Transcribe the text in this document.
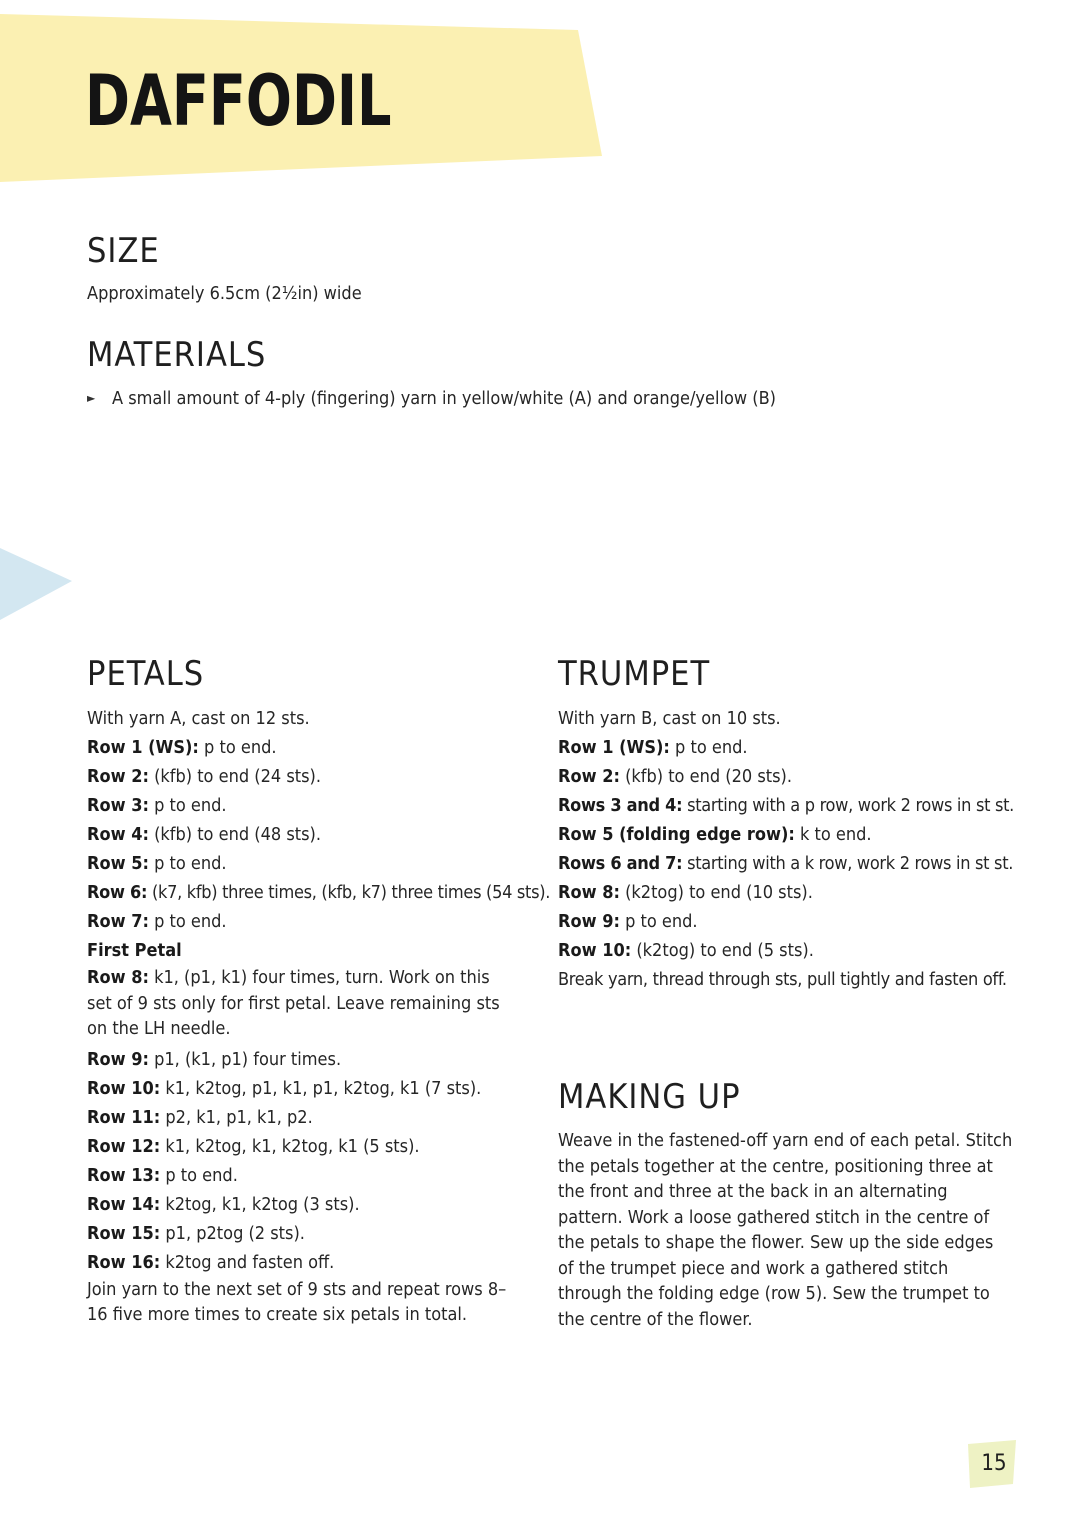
DAFFODIL
SIZE

Approximately 6.5cm (2½in) wide

MATERIALS
► A small amount of 4-ply (fingering) yarn in yellow/white (A) and orange/yellow (B)
PETALS

With yarn A, cast on 12 sts.

Row 1 (WS): p to end.

Row 2: (kfb) to end (24 sts).

Row 3: p to end.

Row 4: (kfb) to end (48 sts).

Row 5: p to end.

Row 6: (k7, kfb) three times, (kfb, k7) three times (54 sts).

Row 7: p to end.

First Petal

Row 8: k1, (p1, k1) four times, turn. Work on this set of 9 sts only for first petal. Leave remaining sts on the LH needle.

Row 9: p1, (k1, p1) four times.

Row 10: k1, k2tog, p1, k1, p1, k2tog, k1 (7 sts).

Row 11: p2, k1, p1, k1, p2.

Row 12: k1, k2tog, k1, k2tog, k1 (5 sts).

Row 13: p to end.

Row 14: k2tog, k1, k2tog (3 sts).

Row 15: p1, p2tog (2 sts).

Row 16: k2tog and fasten off.

Join yarn to the next set of 9 sts and repeat rows 8–16 five more times to create six petals in total.

TRUMPET

With yarn B, cast on 10 sts.

Row 1 (WS): p to end.

Row 2: (kfb) to end (20 sts).

Rows 3 and 4: starting with a p row, work 2 rows in st st.

Row 5 (folding edge row): k to end.

Rows 6 and 7: starting with a k row, work 2 rows in st st.

Row 8: (k2tog) to end (10 sts).

Row 9: p to end.

Row 10: (k2tog) to end (5 sts).

Break yarn, thread through sts, pull tightly and fasten off.

MAKING UP

Weave in the fastened-off yarn end of each petal. Stitch the petals together at the centre, positioning three at the front and three at the back in an alternating pattern. Work a loose gathered stitch in the centre of the petals to shape the flower. Sew up the side edges of the trumpet piece and work a gathered stitch through the folding edge (row 5). Sew the trumpet to the centre of the flower.

15
